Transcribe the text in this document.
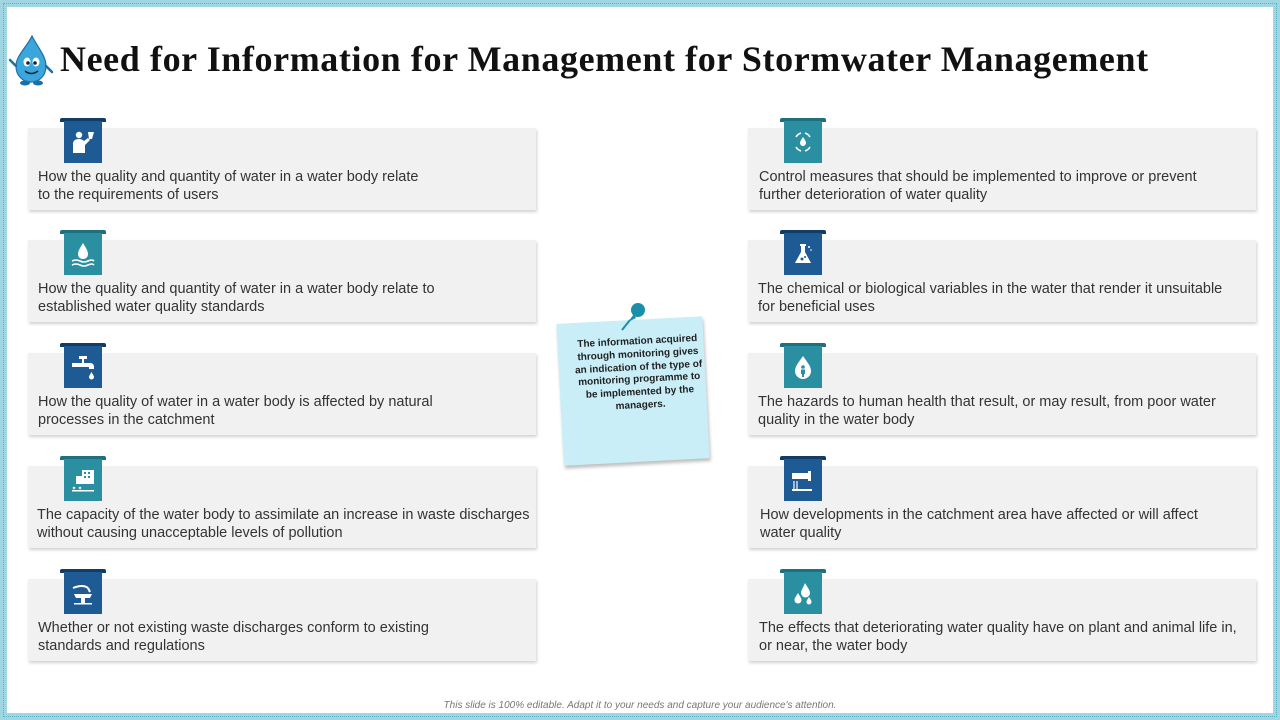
Need for Information for Management for Stormwater Management
How the quality and quantity of water in a water body relate to the requirements of users
How the quality and quantity of water in a water body relate to established water quality standards
How the quality of water in a water body is affected by natural processes in the catchment
The capacity of the water body to assimilate an increase in waste discharges without causing unacceptable levels of pollution
Whether or not existing waste discharges conform to existing standards and regulations
Control measures that should be implemented to improve or prevent further deterioration of water quality
The chemical or biological variables in the water that render it unsuitable for beneficial uses
The hazards to human health that result, or may result, from poor water quality in the water body
How developments in the catchment area have affected or will affect water quality
The effects that deteriorating water quality have on plant and animal life in, or near, the water body
The information acquired through monitoring gives an indication of the type of monitoring programme to be implemented by the managers.
This slide is 100% editable. Adapt it to your needs and capture your audience's attention.
